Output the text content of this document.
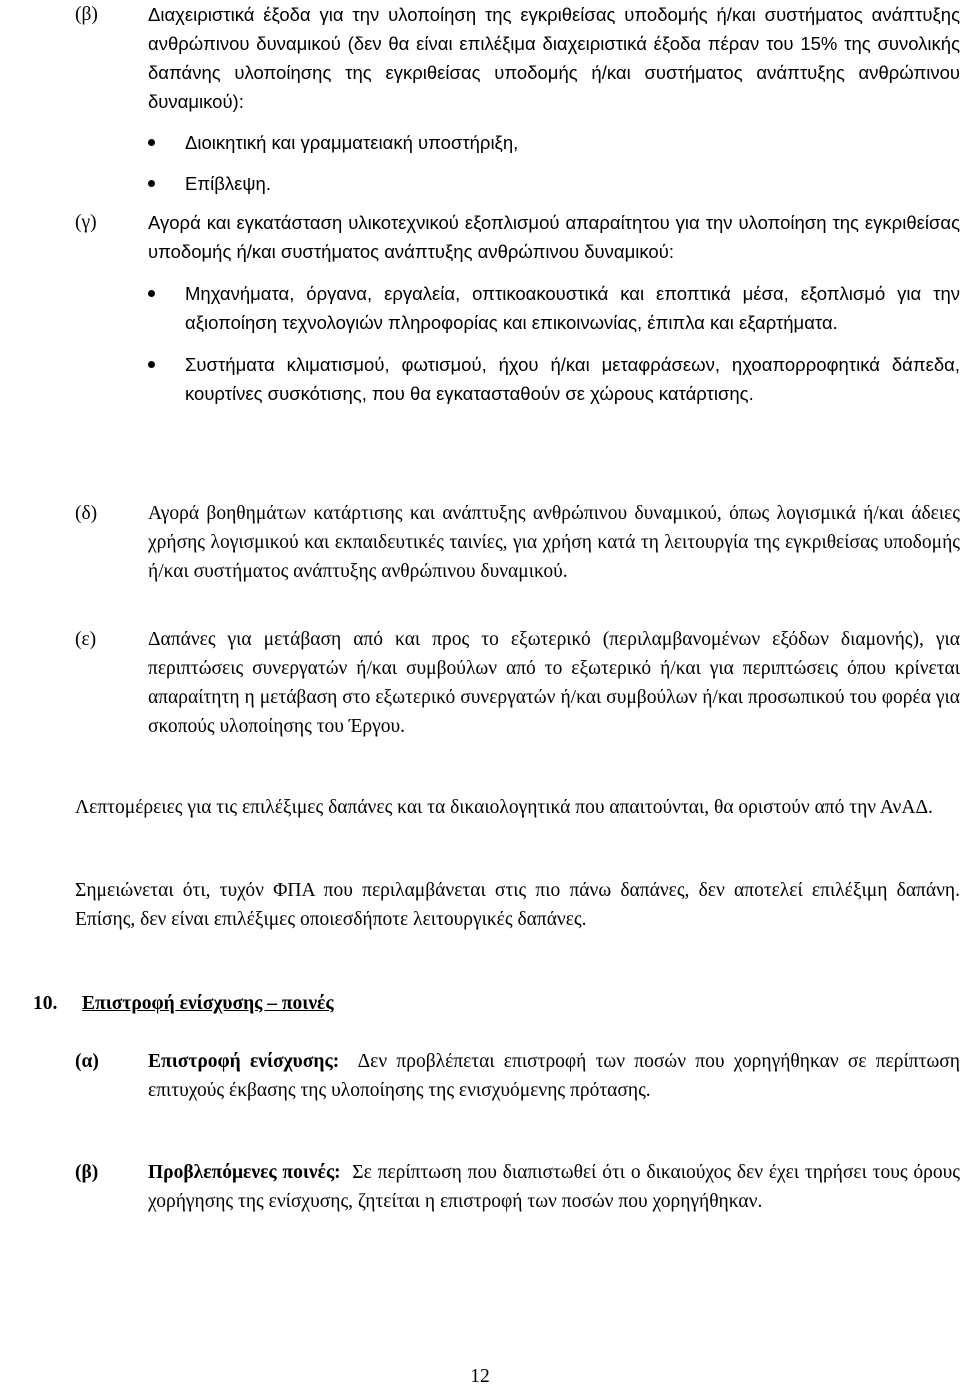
(β)	Διαχειριστικά έξοδα για την υλοποίηση της εγκριθείσας υποδομής ή/και συστήματος ανάπτυξης ανθρώπινου δυναμικού (δεν θα είναι επιλέξιμα διαχειριστικά έξοδα πέραν του 15% της συνολικής δαπάνης υλοποίησης της εγκριθείσας υποδομής ή/και συστήματος ανάπτυξης ανθρώπινου δυναμικού):
Διοικητική και γραμματειακή υποστήριξη,
Επίβλεψη.
(γ)	Αγορά και εγκατάσταση υλικοτεχνικού εξοπλισμού απαραίτητου για την υλοποίηση της εγκριθείσας υποδομής ή/και συστήματος ανάπτυξης ανθρώπινου δυναμικού:
Μηχανήματα, όργανα, εργαλεία, οπτικοακουστικά και εποπτικά μέσα, εξοπλισμό για την αξιοποίηση τεχνολογιών πληροφορίας και επικοινωνίας, έπιπλα και εξαρτήματα.
Συστήματα κλιματισμού, φωτισμού, ήχου ή/και μεταφράσεων, ηχοαπορροφητικά δάπεδα, κουρτίνες συσκότισης, που θα εγκατασταθούν σε χώρους κατάρτισης.
(δ)	Αγορά βοηθημάτων κατάρτισης και ανάπτυξης ανθρώπινου δυναμικού, όπως λογισμικά ή/και άδειες χρήσης λογισμικού και εκπαιδευτικές ταινίες, για χρήση κατά τη λειτουργία της εγκριθείσας υποδομής ή/και συστήματος ανάπτυξης ανθρώπινου δυναμικού.
(ε)	Δαπάνες για μετάβαση από και προς το εξωτερικό (περιλαμβανομένων εξόδων διαμονής), για περιπτώσεις συνεργατών ή/και συμβούλων από το εξωτερικό ή/και για περιπτώσεις όπου κρίνεται απαραίτητη η μετάβαση στο εξωτερικό συνεργατών ή/και συμβούλων ή/και προσωπικού του φορέα για σκοπούς υλοποίησης του Έργου.
Λεπτομέρειες για τις επιλέξιμες δαπάνες και τα δικαιολογητικά που απαιτούνται, θα οριστούν από την ΑνΑΔ.
Σημειώνεται ότι, τυχόν ΦΠΑ που περιλαμβάνεται στις πιο πάνω δαπάνες, δεν αποτελεί επιλέξιμη δαπάνη. Επίσης, δεν είναι επιλέξιμες οποιεσδήποτε λειτουργικές δαπάνες.
10. Επιστροφή ενίσχυσης – ποινές
(α)	Επιστροφή ενίσχυσης: Δεν προβλέπεται επιστροφή των ποσών που χορηγήθηκαν σε περίπτωση επιτυχούς έκβασης της υλοποίησης της ενισχυόμενης πρότασης.
(β)	Προβλεπόμενες ποινές: Σε περίπτωση που διαπιστωθεί ότι ο δικαιούχος δεν έχει τηρήσει τους όρους χορήγησης της ενίσχυσης, ζητείται η επιστροφή των ποσών που χορηγήθηκαν.
12
